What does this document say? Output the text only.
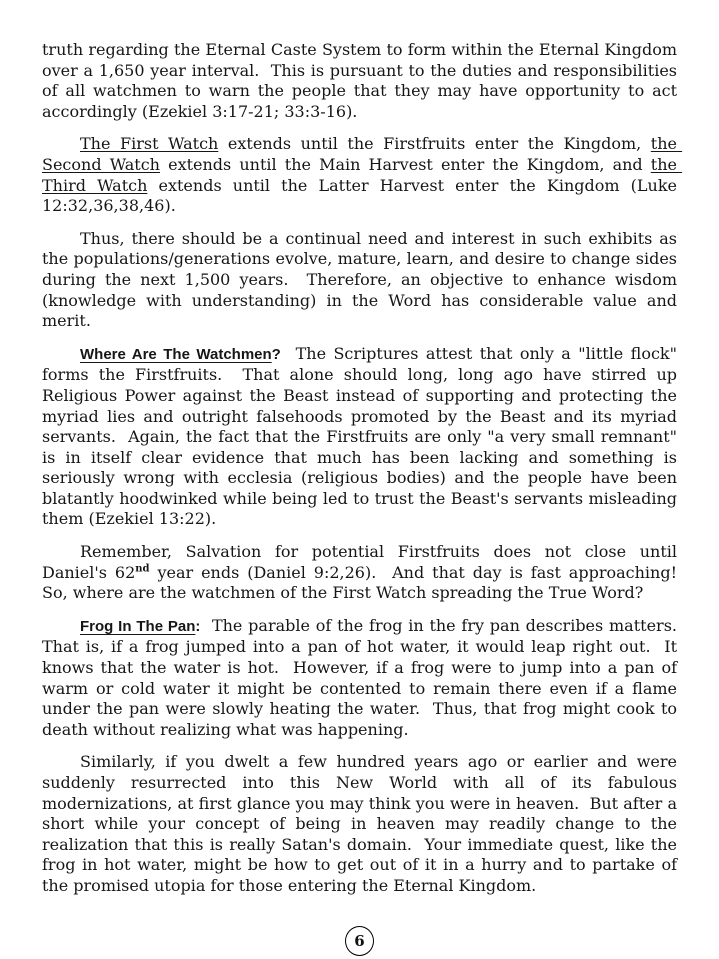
truth regarding the Eternal Caste System to form within the Eternal Kingdom over a 1,650 year interval.  This is pursuant to the duties and responsibilities of all watchmen to warn the people that they may have opportunity to act accordingly (Ezekiel 3:17-21; 33:3-16).

The First Watch extends until the Firstfruits enter the Kingdom, the Second Watch extends until the Main Harvest enter the Kingdom, and the Third Watch extends until the Latter Harvest enter the Kingdom (Luke 12:32,36,38,46).

Thus, there should be a continual need and interest in such exhibits as the populations/generations evolve, mature, learn, and desire to change sides during the next 1,500 years.  Therefore, an objective to enhance wisdom (knowledge with understanding) in the Word has considerable value and merit.

Where Are The Watchmen?  The Scriptures attest that only a "little flock" forms the Firstfruits.  That alone should long, long ago have stirred up Religious Power against the Beast instead of supporting and protecting the myriad lies and outright falsehoods promoted by the Beast and its myriad servants.  Again, the fact that the Firstfruits are only "a very small remnant" is in itself clear evidence that much has been lacking and something is seriously wrong with ecclesia (religious bodies) and the people have been blatantly hoodwinked while being led to trust the Beast's servants misleading them (Ezekiel 13:22).

Remember, Salvation for potential Firstfruits does not close until Daniel's 62nd year ends (Daniel 9:2,26).  And that day is fast approaching!  So, where are the watchmen of the First Watch spreading the True Word?

Frog In The Pan:  The parable of the frog in the fry pan describes matters.  That is, if a frog jumped into a pan of hot water, it would leap right out.  It knows that the water is hot.  However, if a frog were to jump into a pan of warm or cold water it might be contented to remain there even if a flame under the pan were slowly heating the water.  Thus, that frog might cook to death without realizing what was happening.

Similarly, if you dwelt a few hundred years ago or earlier and were suddenly resurrected into this New World with all of its fabulous modernizations, at first glance you may think you were in heaven.  But after a short while your concept of being in heaven may readily change to the realization that this is really Satan's domain.  Your immediate quest, like the frog in hot water, might be how to get out of it in a hurry and to partake of the promised utopia for those entering the Eternal Kingdom.

6
